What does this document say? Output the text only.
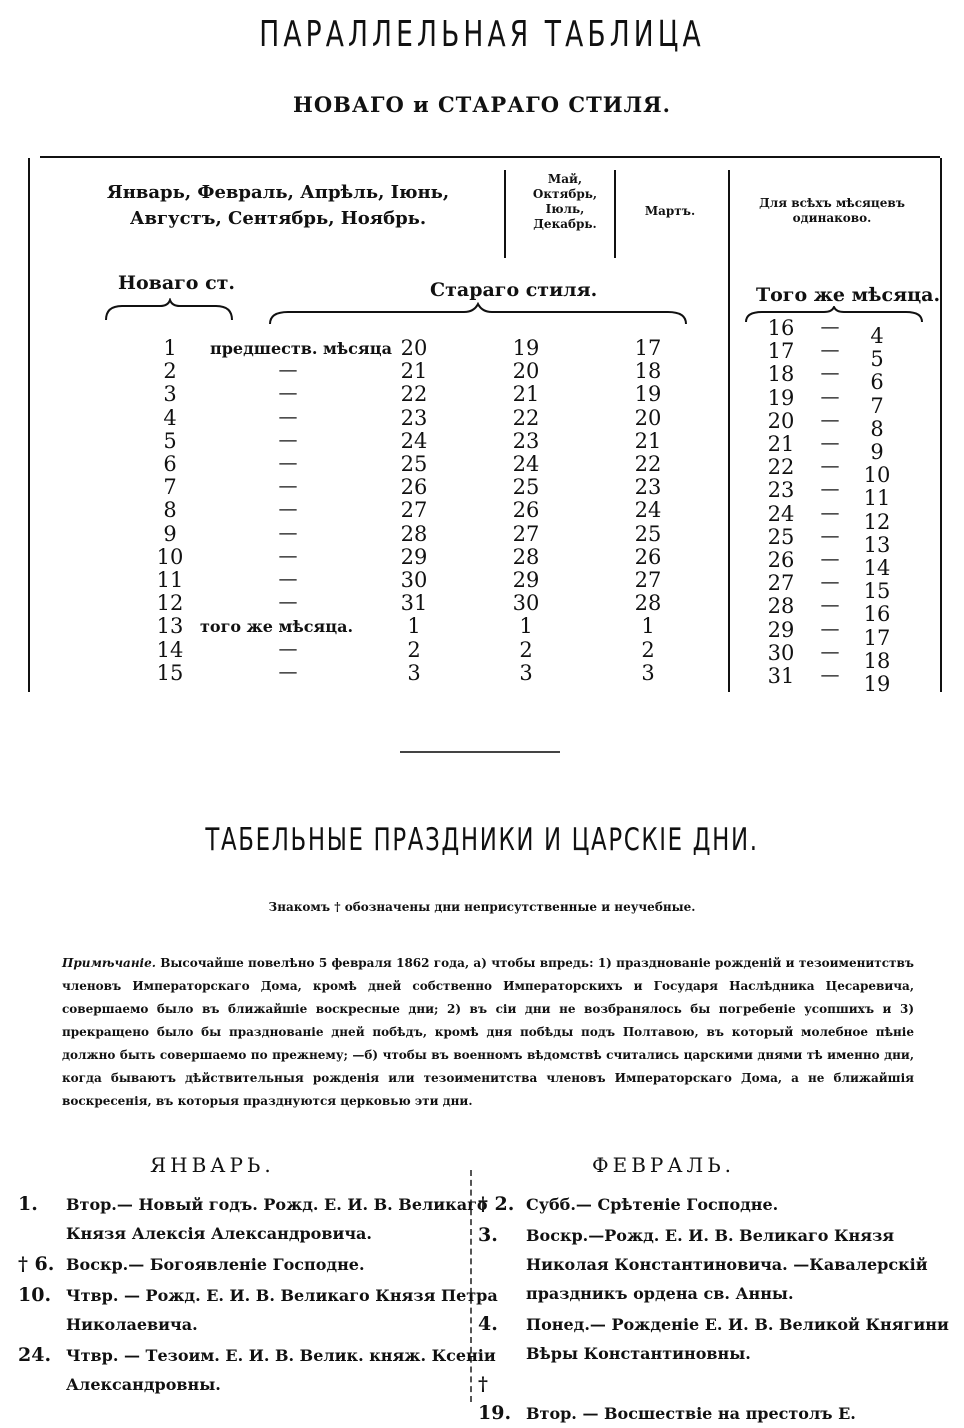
ПАРАЛЛЕЛЬНАЯ ТАБЛИЦА
НОВАГО и СТАРАГО СТИЛЯ.
Январь, Февраль, Апрѣль, Іюнь, Августъ, Сентябрь, Ноябрь.
Май, Октябрь, Іюль, Декабрь.
Мартъ.
Для всѣхъ мѣсяцевъ одинаково.
Новаго ст.	Стараго стиля.	Того же мѣсяца.
1	предшеств. мѣсяца 20	19	17
2	—	21	20	18
3	—	22	21	19
4	—	23	22	20
5	—	24	23	21
6	—	25	24	22
7	—	26	25	23
8	—	27	26	24
9	—	28	27	25
10	—	29	28	26
11	—	30	29	27
12	—	31	30	28
13	того же мѣсяца.	1	1	1
14	—	2	2	2
15	—	3	3	3
16	—	4
17	—	5
18	—	6
19	—	7
20	—	8
21	—	9
22	—	10
23	—	11
24	—	12
25	—	13
26	—	14
27	—	15
28	—	16
29	—	17
30	—	18
31	—	19
ТАБЕЛЬНЫЕ ПРАЗДНИКИ И ЦАРСКІЕ ДНИ.
Знакомъ † обозначены дни неприсутственные и неучебные.
Примѣчаніе. Высочайше повелѣно 5 февраля 1862 года, а) чтобы впредь: 1) празднованіе рожденій и тезоименитствъ членовъ Императорскаго Дома, кромѣ дней собственно Императорскихъ и Государя Наслѣдника Цесаревича, совершаемо было въ ближайшіе воскресные дни; 2) въ сіи дни не возбранялось бы погребеніе усопшихъ и 3) прекращено было бы празднованіе дней побѣдъ, кромѣ дня побѣды подъ Полтавою, въ который молебное пѣніе должно быть совершаемо по прежнему; —б) чтобы въ военномъ вѣдомствѣ считались царскими днями тѣ именно дни, когда бываютъ дѣйствительныя рожденія или тезоименитства членовъ Императорскаго Дома, а не ближайшія воскресенія, въ которыя празднуются церковью эти дни.
ЯНВАРЬ.	ФЕВРАЛЬ.
1. Втор.— Новый годъ. Рожд. Е. И. В. Великаго Князя Алексія Александровича.
† 6. Воскр.— Богоявленіе Господне.
10. Чтвр. — Рожд. Е. И. В. Великаго Князя Петра Николаевича.
24. Чтвр. — Тезоим. Е. И. В. Велик. княж. Ксеніи Александровны.
† 2. Субб.— Срѣтеніе Господне.
3. Воскр.—Рожд. Е. И. В. Великаго Князя Николая Константиновича. —Кавалерскій праздникъ ордена св. Анны.
4. Понед.— Рожденіе Е. И. В. Великой Княгини Вѣры Константиновны.
† 19. Втор. — Восшествіе на престолъ Е.
